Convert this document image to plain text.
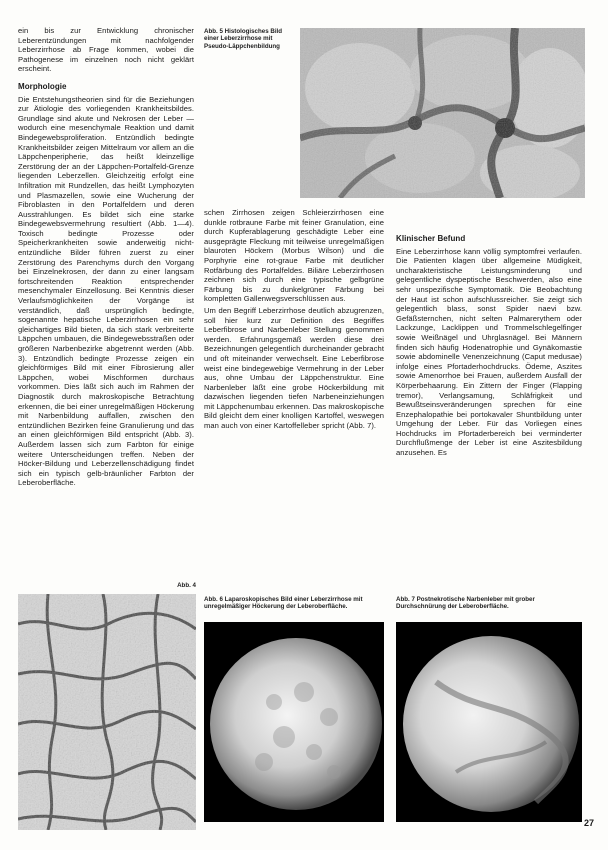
ein bis zur Entwicklung chronischer Leberentzündungen mit nachfolgender Leberzirrhose ab Frage kommen, wobei die Pathogenese im einzelnen noch nicht geklärt erscheint.

Morphologie

Die Entstehungstheorien sind für die Beziehungen zur Ätiologie des vorliegenden Krankheitsbildes. Grundlage sind akute und Nekrosen der Leber — wodurch eine mesenchymale Reaktion und damit Bindegewebsproliferation. Entzündlich bedingte Krankheitsbilder zeigen Mittelraum vor allem an die Läppchenperipherie, das heißt kleinzellige Zerstörung der an der Läppchen-Portalfeld-Grenze liegenden Leberzellen. Gleichzeitig erfolgt eine Infiltration mit Rundzellen, das heißt Lymphozyten und Plasmazellen, sowie eine Wucherung der Fibroblasten in den Portalfeldern und deren Ausstrahlungen. Es bildet sich eine starke Bindegewebsvermehrung resultiert (Abb. 1—4). Toxisch bedingte Prozesse oder Speicherkrankheiten sowie anderweitig nicht-entzündliche Bilder führen zuerst zu einer Zerstörung des Parenchyms durch den Vorgang bei Einzelnekrosen, der dann zu einer langsam fortschreitenden Reaktion entsprechender mesenchymaler Einzellosung. Bei Kenntnis dieser Verlaufsmöglichkeiten der Vorgänge ist verständlich, daß ursprünglich bedingte, sogenannte hepatische Leberzirrhosen ein sehr gleichartiges Bild bieten, da sich stark verbreiterte Läppchen umbauen, die Bindegewebsstraßen oder größeren Narbenbezirke abgetrennt werden (Abb. 3). Entzündlich bedingte Prozesse zeigen ein gleichförmiges Bild mit einer Fibrosierung aller Läppchen, wobei Mischformen durchaus vorkommen. Dies läßt sich auch im Rahmen der Diagnostik durch makroskopische Betrachtung erkennen, die bei einer unregelmäßigen Höckerung mit Narbenbildung auffallen, zwischen den entzündlichen Bezirken feine Granulierung und das an einen gleichförmigen Bild entspricht (Abb. 3). Außerdem lassen sich zum Farbton für einige weitere Unterscheidungen treffen. Neben der Höcker-Bildung und Leberzellenschädigung findet sich ein typisch gelb-bräunlicher Farbton der Leberoberfläche.

Abb. 5 Histologisches Bild einer Leberzirrhose mit Pseudo-Läppchenbildung

schen Zirrhosen zeigen Schleierzirrhosen eine dunkle rotbraune Farbe mit feiner Granulation, eine durch Kupferablagerung geschädigte Leber eine ausgeprägte Fleckung mit teilweise unregelmäßigen blauroten Höckern (Morbus Wilson) und die Porphyrie eine rot-graue Farbe mit deutlicher Rotfärbung des Portalfeldes. Biliäre Leberzirrhosen zeichnen sich durch eine typische gelbgrüne Färbung bis zu dunkelgrüner Färbung bei kompletten Gallenwegsverschlüssen aus.

Um den Begriff Leberzirrhose deutlich abzugrenzen, soll hier kurz zur Definition des Begriffes Leberfibrose und Narbenleber Stellung genommen werden. Erfahrungsgemäß werden diese drei Bezeichnungen gelegentlich durcheinander gebracht und oft miteinander verwechselt. Eine Leberfibrose weist eine bindegewebige Vermehrung in der Leber aus, ohne Umbau der Läppchenstruktur. Eine Narbenleber läßt eine grobe Höckerbildung mit dazwischen liegenden tiefen Narbeneinziehungen mit Läppchenumbau erkennen. Das makroskopische Bild gleicht dem einer knolligen Kartoffel, weswegen man auch von einer Kartoffelleber spricht (Abb. 7).

Klinischer Befund

Eine Leberzirrhose kann völlig symptomfrei verlaufen. Die Patienten klagen über allgemeine Müdigkeit, uncharakteristische Leistungsminderung und gelegentliche dyspeptische Beschwerden, also eine sehr unspezifische Symptomatik. Die Beobachtung der Haut ist schon aufschlussreicher. Sie zeigt sich gelegentlich blass, sonst Spider naevi bzw. Gefäßsternchen, nicht selten Palmarerythem oder Lackzunge, Lacklippen und Trommelschlegelfinger sowie Weißnägel und Uhrglasnägel. Bei Männern finden sich häufig Hodenatrophie und Gynäkomastie sowie abdominelle Venenzeichnung (Caput medusae) infolge eines Pfortaderhochdrucks. Ödeme, Aszites sowie Amenorrhoe bei Frauen, außerdem Ausfall der Körperbehaarung. Ein Zittern der Finger (Flapping tremor), Verlangsamung, Schläfrigkeit und Bewußtseinsveränderungen sprechen für eine Enzephalopathie bei portokavaler Shuntbildung unter Umgehung der Leber. Für das Vorliegen eines Hochdrucks im Pfortaderbereich bei verminderter Durchflußmenge der Leber ist eine Aszitesbildung anzusehen. Es

Abb. 4
Abb. 6 Laparoskopisches Bild einer Leberzirrhose mit unregelmäßiger Höckerung der Leberoberfläche.
Abb. 7 Postnekrotische Narbenleber mit grober Durchschnürung der Leberoberfläche.
27
